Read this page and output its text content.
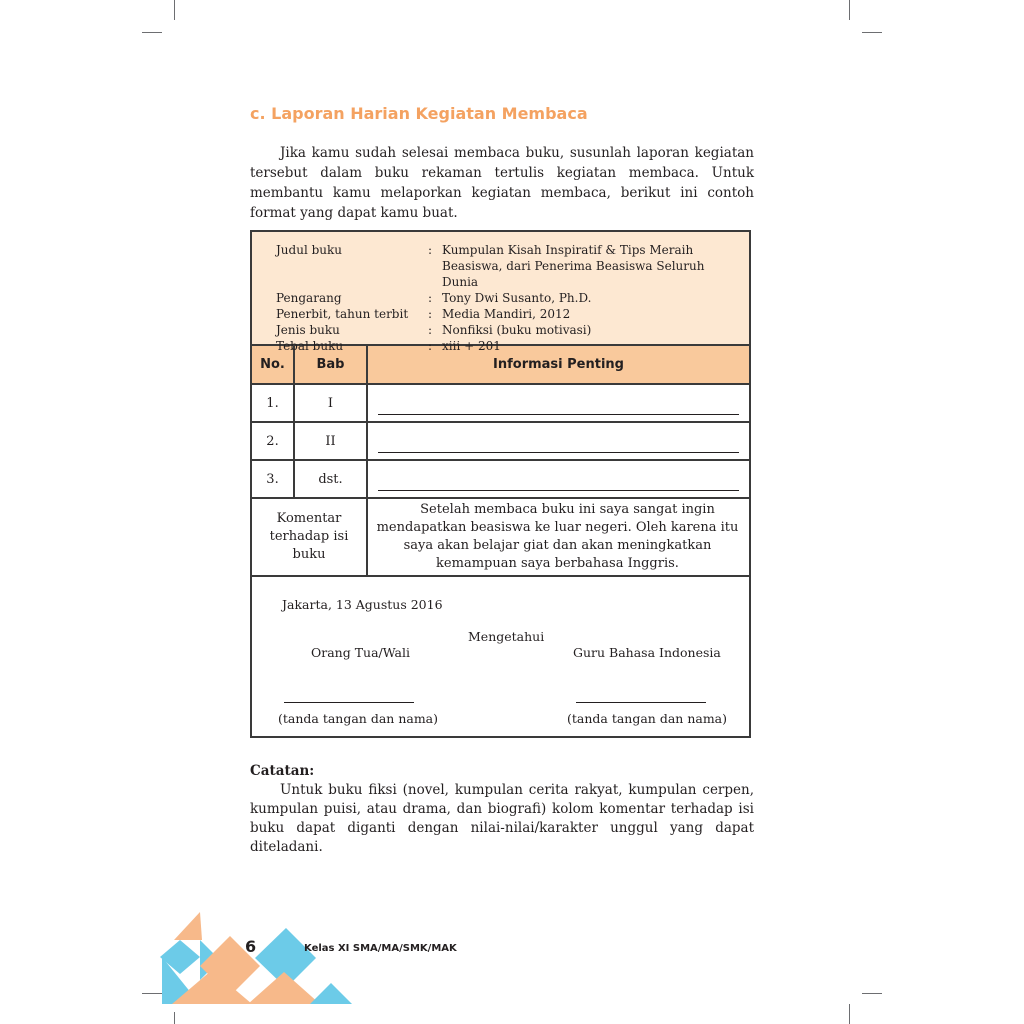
c. Laporan Harian Kegiatan Membaca

Jika kamu sudah selesai membaca buku, susunlah laporan kegiatan tersebut dalam buku rekaman tertulis kegiatan membaca. Untuk membantu kamu melaporkan kegiatan membaca, berikut ini contoh format yang dapat kamu buat.

Judul buku	: Kumpulan Kisah Inspiratif & Tips Meraih Beasiswa, dari Penerima Beasiswa Seluruh Dunia
Pengarang	: Tony Dwi Susanto, Ph.D.
Penerbit, tahun terbit	: Media Mandiri, 2012
Jenis buku	: Nonfiksi (buku motivasi)
Tebal buku	: xiii + 201
No.	Bab	Informasi Penting
1.	I	

2.	II	

3.	dst.	

Komentar terhadap isi buku		Setelah membaca buku ini saya sangat ingin mendapatkan beasiswa ke luar negeri. Oleh karena itu saya akan belajar giat dan akan meningkatkan kemampuan saya berbahasa Inggris.
Jakarta, 13 Agustus 2016
Mengetahui
Orang Tua/Wali	Guru Bahasa Indonesia
(tanda tangan dan nama)	(tanda tangan dan nama)

Catatan:

Untuk buku fiksi (novel, kumpulan cerita rakyat, kumpulan cerpen, kumpulan puisi, atau drama, dan biografi) kolom komentar terhadap isi buku dapat diganti dengan nilai-nilai/karakter unggul yang dapat diteladani.

6	Kelas XI SMA/MA/SMK/MAK
